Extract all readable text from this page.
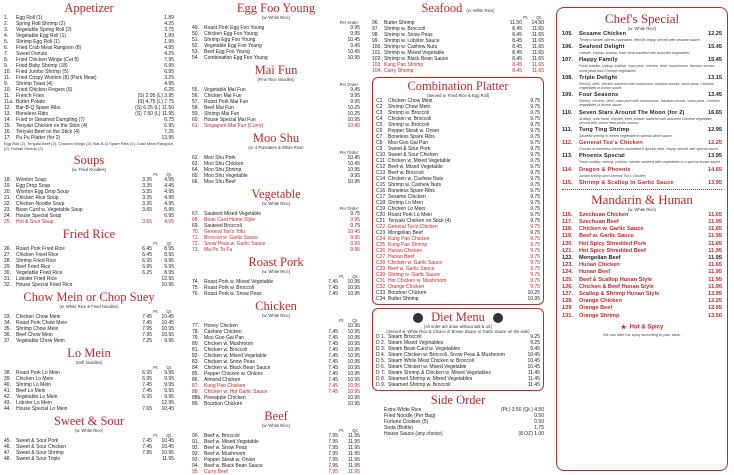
Appetizer
1.	Egg Roll (1)	1.89
2.	Spring Roll Shrimp (2)	4.25
3.	Vegetable Spring Roll (2)	3.75
4.	Vegetable Egg Roll (1)	1.89
5.	Shrimp Egg Roll (1)	1.95
6.	Fried Crab Meat Rangoon (8)	4.95
7.	Sweet Donuts	4.25
8.	Fried Chicken Wings (Cut 8)	7.95
9.	Fried Baby Shrimp (18)	6.95
10.	Fried Jumbo Shrimp (5)	6.95
11.	Fried Crispy Wonton (8) (Pork Meat)	3.25
9.	Shrimp Toast (4)	4.95
10.	Fried Chicken Fingers (6)	6.25
11.	French Fries	(S) 2.95 (L) 3.95
11a. Butter Potato	(S) 4.75 (L) 7.75
12.	Bar-B-Q Spare Ribs	(S) 6.25 (L) 11.50
13.	Boneless Ribs	(S) 7.50 (L) 11.95
14.	Fried or Steamed Dumpling (7)	6.75
15.	Teriyaki Chicken on the Stick (4)	6.95
16.	Teriyaki Beef on the Stick (4)	7.25
17.	Pu Pu Platter (for 2)	13.95
Egg Roll (2), Teriyaki Beef (2), Chicken Wings (2), Bar-B-Q Spare Ribs (2), Crab Meat Rangoon (2), Fantail Shrimp (2)
Soups
(w. Fried Noodles)
Pt. Qt.
18.	Wonton Soup	3.35	4.95
19.	Egg Drop Soup	3.35	4.45
20.	Wonton Egg Drop Soup	3.35	4.95
21.	Chicken Rice Soup	3.35	4.95
22.	Chicken Noodle Soup	3.35	4.95
23.	Bean Curd w. Vegetable Soup	3.65	5.95
24.	House Special Soup	6.95
25.	Hot & Sour Soup	3.65	4.95
Fried Rice
Pt. Qt.
26.	Roast Pork Fried Rice	6.45	8.95
27.	Chicken Fried Rice	6.45	8.95
28.	Shrimp Fried Rice	6.95	9.95
29.	Beef Fried Rice	6.95	9.95
30.	Vegetable Fried Rice	6.25	8.95
31.	Lobster Fried Rice	12.95
32.	House Special Fried Rice	10.95
Chow Mein or Chop Suey
(w. White Rice & Fried Noodles)
Pt. Qt.
33.	Chicken Chow Mein	7.45	10.45
34.	Roast Pork Chow Mein	7.45	10.45
35.	Shrimp Chow Mein	7.95	10.95
36.	Beef Chow Mein	7.95	10.95
37.	Vegetable Chow Mein	7.25	9.95
Lo Mein
(Soft Noodles)
Pt. Qt.
38.	Roast Pork Lo Mein	6.95	9.95
39.	Chicken Lo Mein	6.95	9.95
40.	Shrimp Lo Mein	7.45	9.95
41.	Beef Lo Mein	7.45	9.95
42.	Vegetable Lo Mein	6.95	9.95
43.	Lobster Lo Mein	12.95
44.	House Special Lo Mein	7.65	10.45
Sweet & Sour
(w. White Rice)
Pt. Qt.
45.	Sweet & Sour Pork	7.45	10.45
46.	Sweet & Sour Chicken	7.45	10.45
47.	Sweet & Sour Shrimp	7.95	10.95
48.	Sweet & Sour Triple	11.95
Egg Foo Young
(w. White Rice)
Per Order
49.	Roast Pork Egg Foo Young	9.95
50.	Chicken Egg Foo Young	9.95
51.	Shrimp Egg Foo Young	10.45
52.	Vegetable Egg Foo Young	9.45
53.	Beef Egg Foo Young	10.45
54.	Combination Egg Foo Young	10.95
Mai Fun
(Fine Rice Noodles)
Per Order
55.	Vegetable Mai Fun	9.45
56.	Chicken Mai Fun	9.95
57.	Roast Pork Mai Fun	9.95
58.	Beef Mai Fun	10.25
59.	Shrimp Mai Fun	10.25
60.	House Special Mai Fun	10.95
61.	Singapore Mai Fun (Curry)	10.45
Moo Shu
(w. 4 Pancakes & White Rice)
Per Order
62.	Moo Shu Pork	10.45
63.	Moo Shu Chicken	10.45
64.	Moo Shu Shrimp	10.95
65.	Moo Shu Vegetable	9.95
66.	Moo Shu Beef	10.95
Vegetable
(w. White Rice)
Per Order
67.	Sauteed Mixed Vegetable	9.75
68.	Bean Curd Home Style	9.95
69.	Sauteed Broccoli	9.75
70.	General Tso's Tofu	10.45
71.	Broccoli w. Garlic Sauce	9.95
72.	Snow Peas w. Garlic Sauce	9.95
73.	Ma Po To Fu	9.95
Roast Pork
(w. White Rice)
Pt. Qt.
74.	Roast Pork w. Mixed Vegetable	7.45	10.95
75.	Roast Pork w. Broccoli	7.45	10.95
76.	Roast Pork w. Snow Peas	7.45	10.95
Chicken
(w. White Rice)
Pt. Qt.
77.	Honey Chicken	10.95
78.	Cashew Chicken	7.45	10.95
79.	Moo Goo Gai Pan	7.45	10.95
80.	Chicken w. Mushroom	7.45	10.95
81.	Chicken w. Broccoli	7.45	10.95
82.	Chicken w. Mixed Vegetable	7.45	10.95
83.	Chicken w. Snow Peas	7.45	10.95
84.	Chicken w. Black Bean Sauce	7.45	10.95
85.	Pepper Chicken w. Onions	7.45	10.95
86.	Almond Chicken	7.45	10.95
87.	Kung Pao Chicken	7.45	10.95
88.	Chicken w. Hot Garlic Sauce	7.45	10.95
88b. Pineapple Chicken	10.95
89.	Bourbon Chicken	10.95
Beef
(w. White Rice)
Pt. Qt.
90.	Beef w. Broccoli	7.95	11.95
91.	Beef w. Mixed Vegetable	7.95	11.95
92.	Beef w. Snow Peas	7.95	11.95
93.	Beef w. Mushroom	7.95	11.95
93.	Pepper Steak w. Onion	7.95	11.95
94.	Beef w. Black Bean Sauce	7.95	11.95
95.	Curry Beef	7.95	11.95
Seafood (w. White Rice)
Pt. Qt.
96.	Butter Shrimp	11.50	14.50
97.	Shrimp w. Broccoli	8.45	11.65
98.	Shrimp w. Snow Peas	8.45	11.65
99.	Shrimp w. Lobster Sauce	8.45	11.65
100. Shrimp w. Cashew Nuts	8.45	11.65
101. Shrimp w. Mixed Vegetable	8.45	11.65
102. Shrimp w. Black Bean Sauce	8.45	11.65
103. Kung Pao Shrimp	8.45	11.65
104. Curry Shrimp	8.45	11.65
Combination Platter
(Served w. Fried Rice & Egg Roll)
C1	Chicken Chow Mein	9.75
C2	Shrimp Chow Mein	9.75
C3	Shrimp w. Broccoli	9.75
C4	Chicken w. Broccoli	9.75
C5	Shrimp w. Broccoli	9.75
C6	Pepper Steak w. Onion	9.75
C7	Boneless Spare Ribs	9.75
C8	Moo Goo Gai Pan	9.75
C9	Sweet & Sour Pork	9.75
C10 Sweet & Sour Chicken	9.75
C11 Chicken w. Mixed Vegetable	9.75
C12 Beef w. Mixed Vegetable	9.75
C13 Beef w. Broccoli	9.75
C14 Chicken w. Cashew Nuts	9.75
C15 Shrimp w. Cashew Nuts	9.75
C16 Boneless Spare Ribs	9.75
C17 Sesame Chicken	9.75
C18 Shrimp Lo Mein	9.75
C19 Chicken Lo Mein	9.75
C20 Roast Pork Lo Mein	9.75
C21 Teriyaki Chicken on Stick (4)	9.75
C22 General Tso's Chicken	9.75
C23 Mongolian Beef	9.75
C24 Kung Pao Chicken	9.75
C25 Kung Pao Shrimp	9.75
C26 Hunan Chicken	9.75
C27 Hunan Beef	9.75
C28 Chicken w. Garlic Sauce	9.75
C29 Beef w. Garlic Sauce	9.75
C30 Shrimp w. Garlic Sauce	9.75
C31 Hot Chicken w. Mushroom	9.75
C32 Orange Chicken	9.75
C33 Bourbon Chicken	10.25
C34 Butter Shrimp	10.95
Diet Menu
(All order are drain without salt & oil.)
(Served w. White Rice & Choice of Brown Sauce or Garlic Sauce on the side)
D 1. Steam Broccoli	9.25
D 2. Steam Mixed Vegetables	9.25
D 3. Steam Bean Curd w. Vegetables	9.45
D 4. Steam Chicken w. Broccoli, Snow Peas & Mushroom	10.45
D 5. Steam White Meat Chicken w. Broccoli	10.45
D 6. Steam Chicken w. Mixed Vegetable	10.45
D 7. Steam Shrimp & Chicken w. Mixed Vegetables	11.45
D 8. Steamed Shrimp w. Mixed Vegetables	11.45
D 9. Steamed Shrimp w. Broccoli	11.45
Side Order
Extra White Rice	(Pt.) 3.50 (Qt.) 4.50
Fried Noodle (Per Bag)	0.50
Fortune Cookies (5)	0.50
Soda (Bottle)	1.75
House Sauce (any choice)	(8 OZ) 1.00
Chef's Special
(w. White Rice)
105.	Sesame Chicken	12.25
Tender chicken pieces marinated, fried till crispy, served with sesame sauce.
106.	Seafood Delight	15.45
Lobster, shrimp, scallop, crab meat sauteed with assorted vegetables.
107.	Happy Family	15.45
Fresh lobster, shrimp, scallop, roast pork, chicken, beef, mushrooms, bamboo shoots, snow peas and Chinese vegetables.
108.	Triple Delight	13.15
Shrimp, beef, chicken sauteed with mushroom, bamboo shoots, snow peas, Chinese vegetables in brown sauce.
109.	Four Seasons	13.45
Shrimp, chicken, beef, roast pork with mushrooms, bamboo shoots, snow peas, Chinese vegetables in brown sauce.
110.	Seven Stars Around The Moon (for 2)	16.65
Scallop, crab meat, chicken, beef, lobster sauteed with assorted Chinese vegetable, served with seven fried jumbo shrimp.
111.	Tung Ting Shrimp	12.95
Sauteed shrimp w. mixed vegetable in special white sauce.
112.	General Tso's Chicken	12.25
Chunks of boneless chicken marinated & quickly fried, crispy, served with special sauce.
113.	Phoenix Special	13.95
Fresh scallop, shrimp, chicken, lobster sauteed with vegetables in a special brown sauce.
114.	Dragon & Phoenix	14.65
Jumbo shrimp and General Tso's Chicken.
115.	Shrimp & Scallop In Garlic Sauce	13.95
Mandarin & Hunan
(w. White Rice)
116.	Szechuan Chicken	11.65
117.	Szechuan Beef	11.95
118.	Chicken w. Garlic Sauce	11.65
119.	Beef w. Garlic Sauce	11.95
120.	Hot Spicy Shredded Pork	11.65
121.	Hot Spicy Shredded Beef	11.95
122.	Mongolian Beef	11.95
123.	Hunan Chicken	11.65
124.	Hunan Beef	11.95
125.	Beef & Scallop Hunan Style	11.95
126.	Chicken & Beef Hunan Style	11.95
127.	Scallop & Shrimp Hunan Style	13.95
128.	Orange Chicken	12.25
129.	Orange Beef	12.95
131.	Orange Shrimp	13.50
Hot & Spicy
We can alter the spicy according to your taste.
